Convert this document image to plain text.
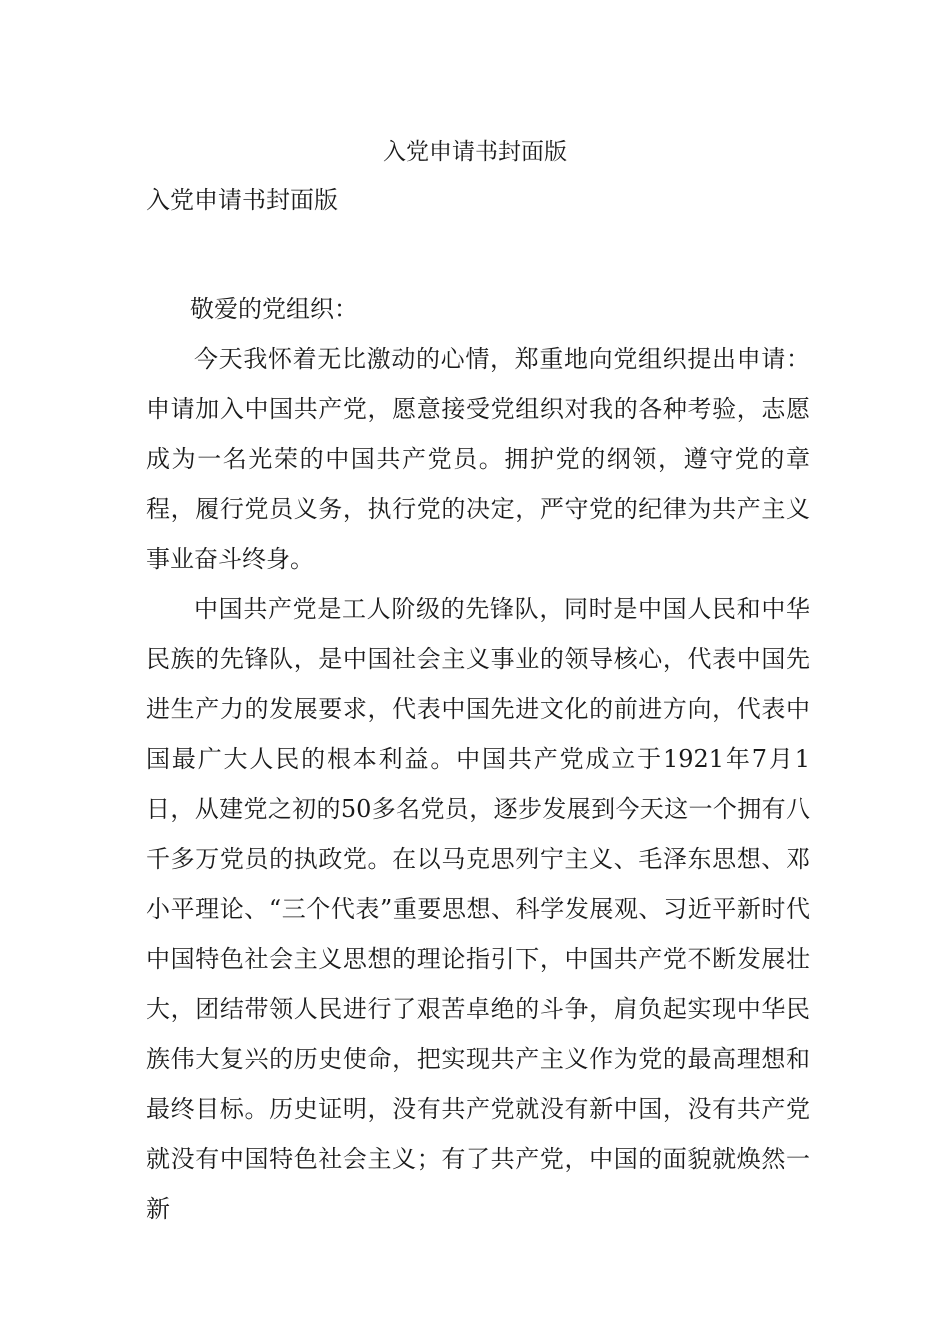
入党申请书封面版
入党申请书封面版
敬爱的党组织：

今天我怀着无比激动的心情，郑重地向党组织提出申请：申请加入中国共产党，愿意接受党组织对我的各种考验，志愿成为一名光荣的中国共产党员。拥护党的纲领，遵守党的章程，履行党员义务，执行党的决定，严守党的纪律为共产主义事业奋斗终身。

中国共产党是工人阶级的先锋队，同时是中国人民和中华民族的先锋队，是中国社会主义事业的领导核心，代表中国先进生产力的发展要求，代表中国先进文化的前进方向，代表中国最广大人民的根本利益。中国共产党成立于1921年7月1日，从建党之初的50多名党员，逐步发展到今天这一个拥有八千多万党员的执政党。在以马克思列宁主义、毛泽东思想、邓小平理论、“三个代表”重要思想、科学发展观、习近平新时代中国特色社会主义思想的理论指引下，中国共产党不断发展壮大，团结带领人民进行了艰苦卓绝的斗争，肩负起实现中华民族伟大复兴的历史使命，把实现共产主义作为党的最高理想和最终目标。历史证明，没有共产党就没有新中国，没有共产党就没有中国特色社会主义；有了共产党，中国的面貌就焕然一新
